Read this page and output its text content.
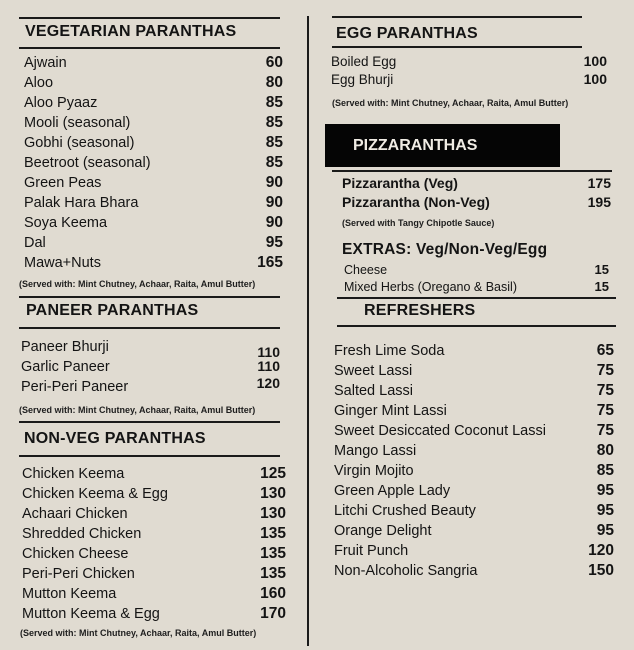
VEGETARIAN PARANTHAS
Ajwain	60
Aloo	80
Aloo Pyaaz	85
Mooli (seasonal)	85
Gobhi (seasonal)	85
Beetroot (seasonal)	85
Green Peas	90
Palak Hara Bhara	90
Soya Keema	90
Dal	95
Mawa+Nuts	165
(Served with: Mint Chutney, Achaar, Raita, Amul Butter)
PANEER PARANTHAS
Paneer Bhurji	110
Garlic Paneer	110
Peri-Peri Paneer	120
(Served with: Mint Chutney, Achaar, Raita, Amul Butter)
NON-VEG PARANTHAS
Chicken Keema	125
Chicken Keema & Egg	130
Achaari Chicken	130
Shredded Chicken	135
Chicken Cheese	135
Peri-Peri Chicken	135
Mutton Keema	160
Mutton Keema & Egg	170
(Served with: Mint Chutney, Achaar, Raita, Amul Butter)
EGG PARANTHAS
Boiled Egg	100
Egg Bhurji	100
(Served with: Mint Chutney, Achaar, Raita, Amul Butter)
PIZZARANTHAS
Pizzarantha (Veg)	175
Pizzarantha (Non-Veg)	195
(Served with Tangy Chipotle Sauce)
EXTRAS: Veg/Non-Veg/Egg
Cheese	15
Mixed Herbs (Oregano & Basil)	15
REFRESHERS
Fresh Lime Soda	65
Sweet Lassi	75
Salted Lassi	75
Ginger Mint Lassi	75
Sweet Desiccated Coconut Lassi	75
Mango Lassi	80
Virgin Mojito	85
Green Apple Lady	95
Litchi Crushed Beauty	95
Orange Delight	95
Fruit Punch	120
Non-Alcoholic Sangria	150
